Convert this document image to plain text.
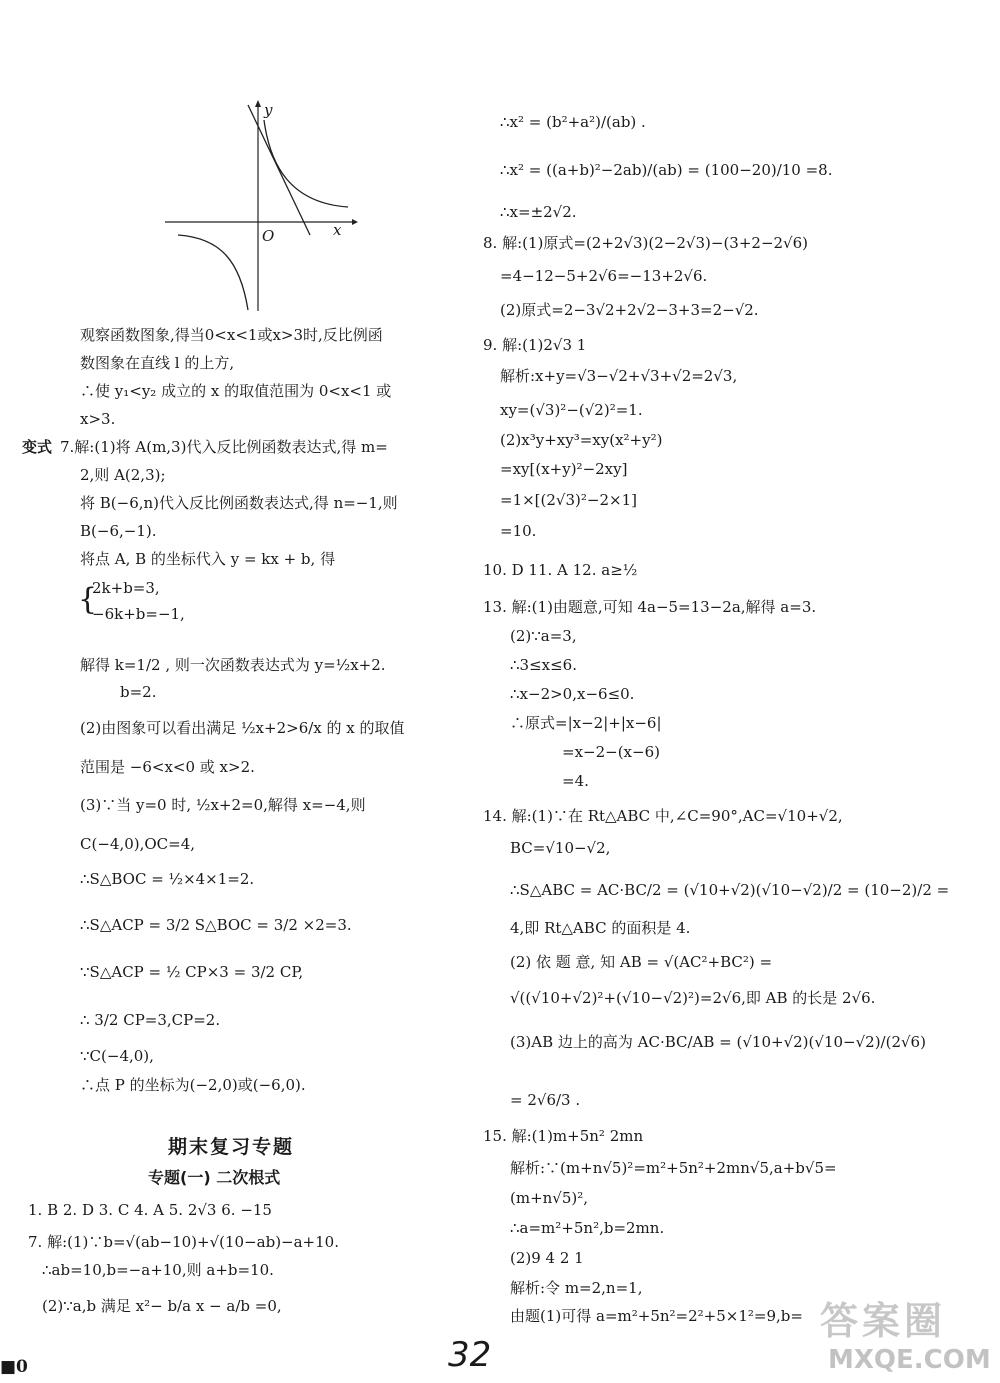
y
x
O
观察函数图象,得当0<x<1或x>3时,反比例函
数图象在直线 l 的上方,
∴使 y₁<y₂ 成立的 x 的取值范围为 0<x<1 或
x>3.
变式 7.解:(1)将 A(m,3)代入反比例函数表达式,得 m=
2,则 A(2,3);
将 B(−6,n)代入反比例函数表达式,得 n=−1,则
B(−6,−1).
将点 A, B 的坐标代入 y = kx + b, 得
{
2k+b=3,
−6k+b=−1,
解得 k=1/2 , 则一次函数表达式为 y=½x+2.
b=2.
(2)由图象可以看出满足 ½x+2>6/x 的 x 的取值
范围是 −6<x<0 或 x>2.
(3)∵当 y=0 时, ½x+2=0,解得 x=−4,则
C(−4,0),OC=4,
∴S△BOC = ½×4×1=2.
∴S△ACP = 3/2 S△BOC = 3/2 ×2=3.
∵S△ACP = ½ CP×3 = 3/2 CP,
∴ 3/2 CP=3,CP=2.
∵C(−4,0),
∴点 P 的坐标为(−2,0)或(−6,0).
期末复习专题
专题(一) 二次根式
1. B 2. D 3. C 4. A 5. 2√3 6. −15
7. 解:(1)∵b=√(ab−10)+√(10−ab)−a+10.
∴ab=10,b=−a+10,则 a+b=10.
(2)∵a,b 满足 x²− b/a x − a/b =0,
∴x² = (b²+a²)/(ab) .
∴x² = ((a+b)²−2ab)/(ab) = (100−20)/10 =8.
∴x=±2√2.
8. 解:(1)原式=(2+2√3)(2−2√3)−(3+2−2√6)
=4−12−5+2√6=−13+2√6.
(2)原式=2−3√2+2√2−3+3=2−√2.
9. 解:(1)2√3 1
解析:x+y=√3−√2+√3+√2=2√3,
xy=(√3)²−(√2)²=1.
(2)x³y+xy³=xy(x²+y²)
=xy[(x+y)²−2xy]
=1×[(2√3)²−2×1]
=10.
10. D 11. A 12. a≥½
13. 解:(1)由题意,可知 4a−5=13−2a,解得 a=3.
(2)∵a=3,
∴3≤x≤6.
∴x−2>0,x−6≤0.
∴原式=|x−2|+|x−6|
=x−2−(x−6)
=4.
14. 解:(1)∵在 Rt△ABC 中,∠C=90°,AC=√10+√2,
BC=√10−√2,
∴S△ABC = AC·BC/2 = (√10+√2)(√10−√2)/2 = (10−2)/2 =
4,即 Rt△ABC 的面积是 4.
(2) 依 题 意, 知 AB = √(AC²+BC²) =
√((√10+√2)²+(√10−√2)²)=2√6,即 AB 的长是 2√6.
(3)AB 边上的高为 AC·BC/AB = (√10+√2)(√10−√2)/(2√6)
= 2√6/3 .
15. 解:(1)m+5n² 2mn
解析:∵(m+n√5)²=m²+5n²+2mn√5,a+b√5=
(m+n√5)²,
∴a=m²+5n²,b=2mn.
(2)9 4 2 1
解析:令 m=2,n=1,
由题(1)可得 a=m²+5n²=2²+5×1²=9,b=
■0	32
答案圈
MXQE.COM
